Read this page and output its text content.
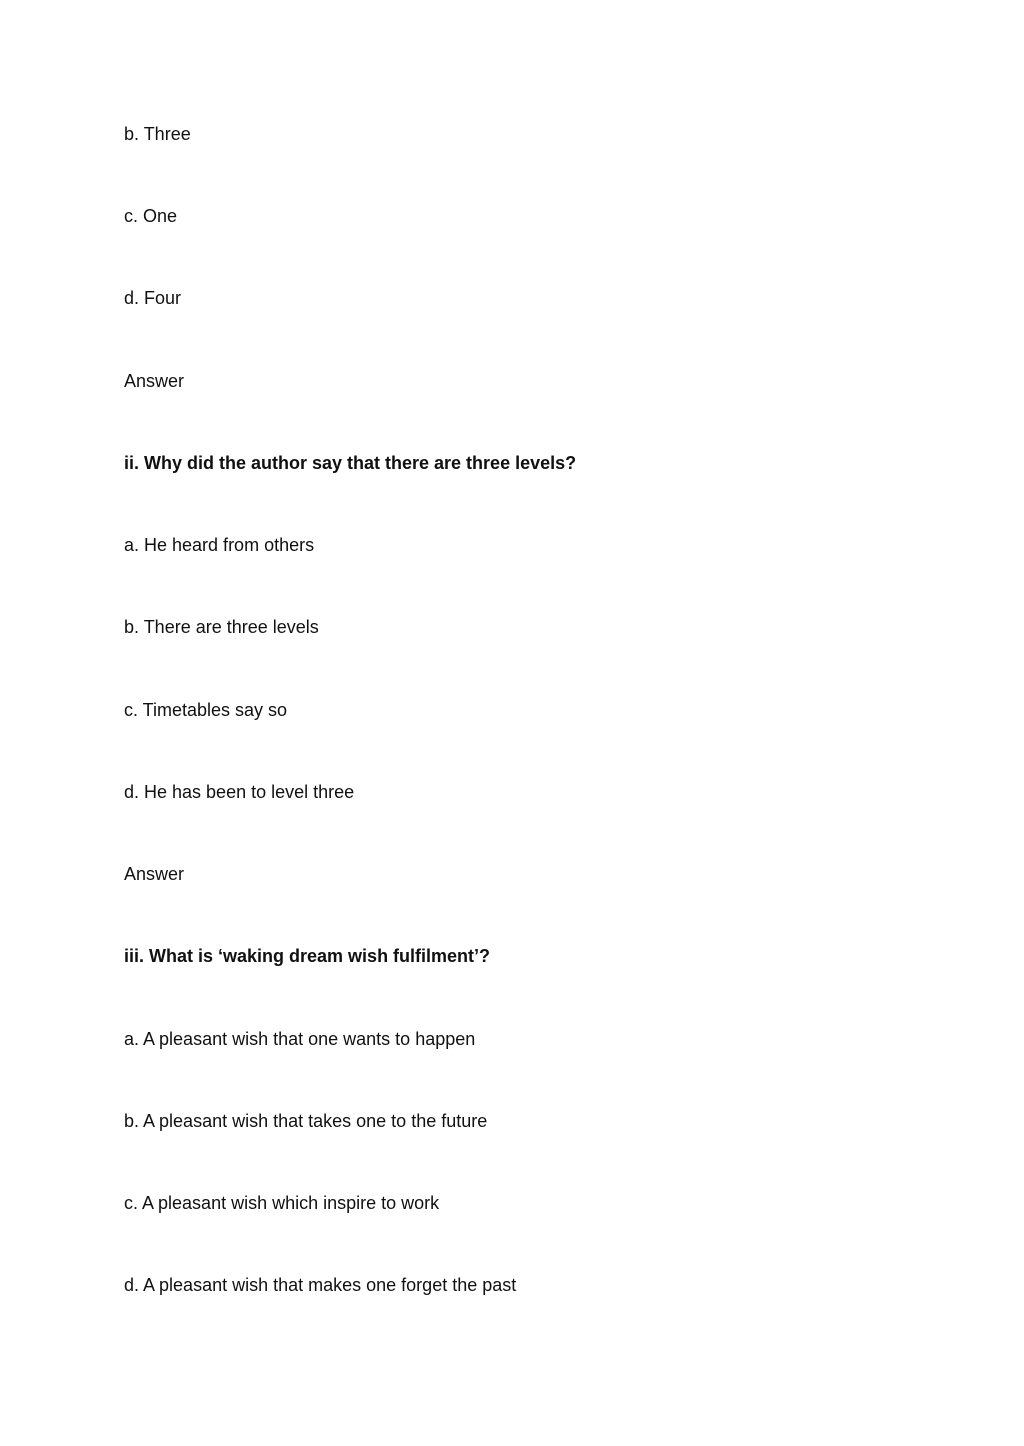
b. Three
c. One
d. Four
Answer
ii. Why did the author say that there are three levels?
a. He heard from others
b. There are three levels
c. Timetables say so
d. He has been to level three
Answer
iii. What is ‘waking dream wish fulfilment’?
a. A pleasant wish that one wants to happen
b. A pleasant wish that takes one to the future
c. A pleasant wish which inspire to work
d. A pleasant wish that makes one forget the past
